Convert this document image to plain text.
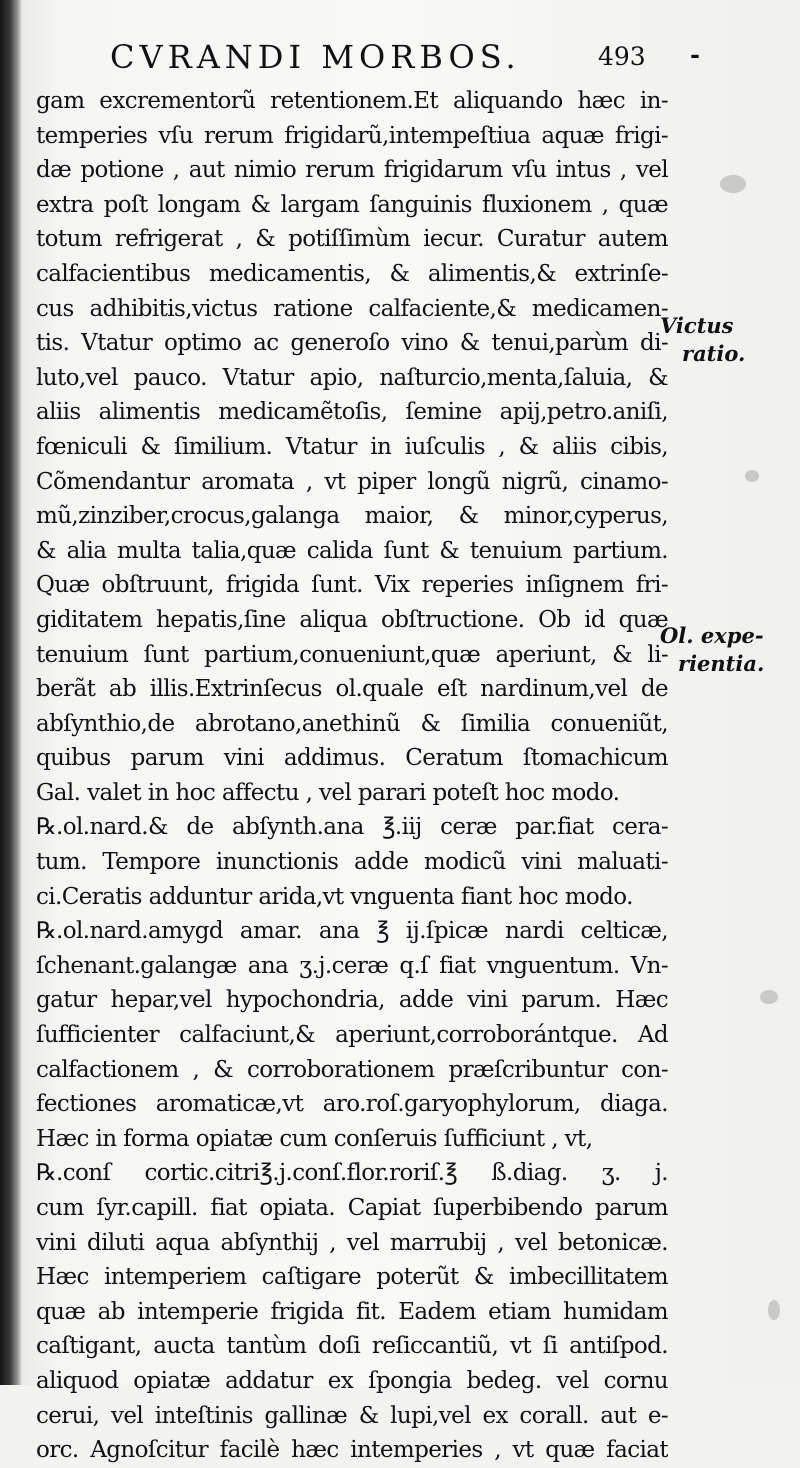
CVRANDI MORBOS.	493 -
gam excrementorũ retentionem.Et aliquando hæc in-
temperies vſu rerum frigidarũ,intempeſtiua aquæ frigi-
dæ potione , aut nimio rerum frigidarum vſu intus , vel
extra poſt longam & largam ſanguinis fluxionem , quæ
totum refrigerat , & potiſſimùm iecur. Curatur autem
calfacientibus medicamentis, & alimentis,& extrinſe-
cus adhibitis,victus ratione calfaciente,& medicamen-
tis. Vtatur optimo ac generoſo vino & tenui,parùm di-
luto,vel pauco. Vtatur apio, naſturcio,menta,ſaluia, &
aliis alimentis medicamẽtoſis, ſemine apij,petro.aniſi,
fœniculi & ſimilium. Vtatur in iuſculis , & aliis cibis,
Cõmendantur aromata , vt piper longũ nigrũ, cinamo-
mũ,zinziber,crocus,galanga maior, & minor,cyperus,
& alia multa talia,quæ calida ſunt & tenuium partium.
Quæ obſtruunt, frigida ſunt. Vix reperies inſignem fri-
giditatem hepatis,ſine aliqua obſtructione. Ob id quæ
tenuium ſunt partium,conueniunt,quæ aperiunt, & li-
berãt ab illis.Extrinſecus ol.quale eſt nardinum,vel de
abſynthio,de abrotano,anethinũ & ſimilia conueniũt,
quibus parum vini addimus. Ceratum ſtomachicum
Gal. valet in hoc affectu , vel parari poteſt hoc modo.
℞.ol.nard.& de abſynth.ana ℥.iij ceræ par.fiat cera-
tum. Tempore inunctionis adde modicũ vini maluati-
ci.Ceratis adduntur arida,vt vnguenta fiant hoc modo.
℞.ol.nard.amygd amar. ana ℥ ij.ſpicæ nardi celticæ,
ſchenant.galangæ ana ʒ.j.ceræ q.ſ fiat vnguentum. Vn-
gatur hepar,vel hypochondria, adde vini parum. Hæc
ſufficienter calfaciunt,& aperiunt,corroborántque. Ad
calfactionem , & corroborationem præſcribuntur con-
fectiones aromaticæ,vt aro.roſ.garyophylorum, diaga.
Hæc in forma opiatæ cum conſeruis ſufficiunt , vt,
℞.conſ cortic.citri℥.j.conſ.flor.roriſ.℥ ß.diag. ʒ. j.
cum ſyr.capill. fiat opiata. Capiat ſuperbibendo parum
vini diluti aqua abſynthij , vel marrubij , vel betonicæ.
Hæc intemperiem caſtigare poterũt & imbecillitatem
quæ ab intemperie frigida fit. Eadem etiam humidam
caſtigant, aucta tantùm doſi reſiccantiũ, vt ſi antiſpod.
aliquod opiatæ addatur ex ſpongia bedeg. vel cornu
cerui, vel inteſtinis gallinæ & lupi,vel ex corall. aut e-
orc. Agnoſcitur facilè hæc intemperies , vt quæ faciat
Victus
ratio.
Ol. expe-
rientia.
